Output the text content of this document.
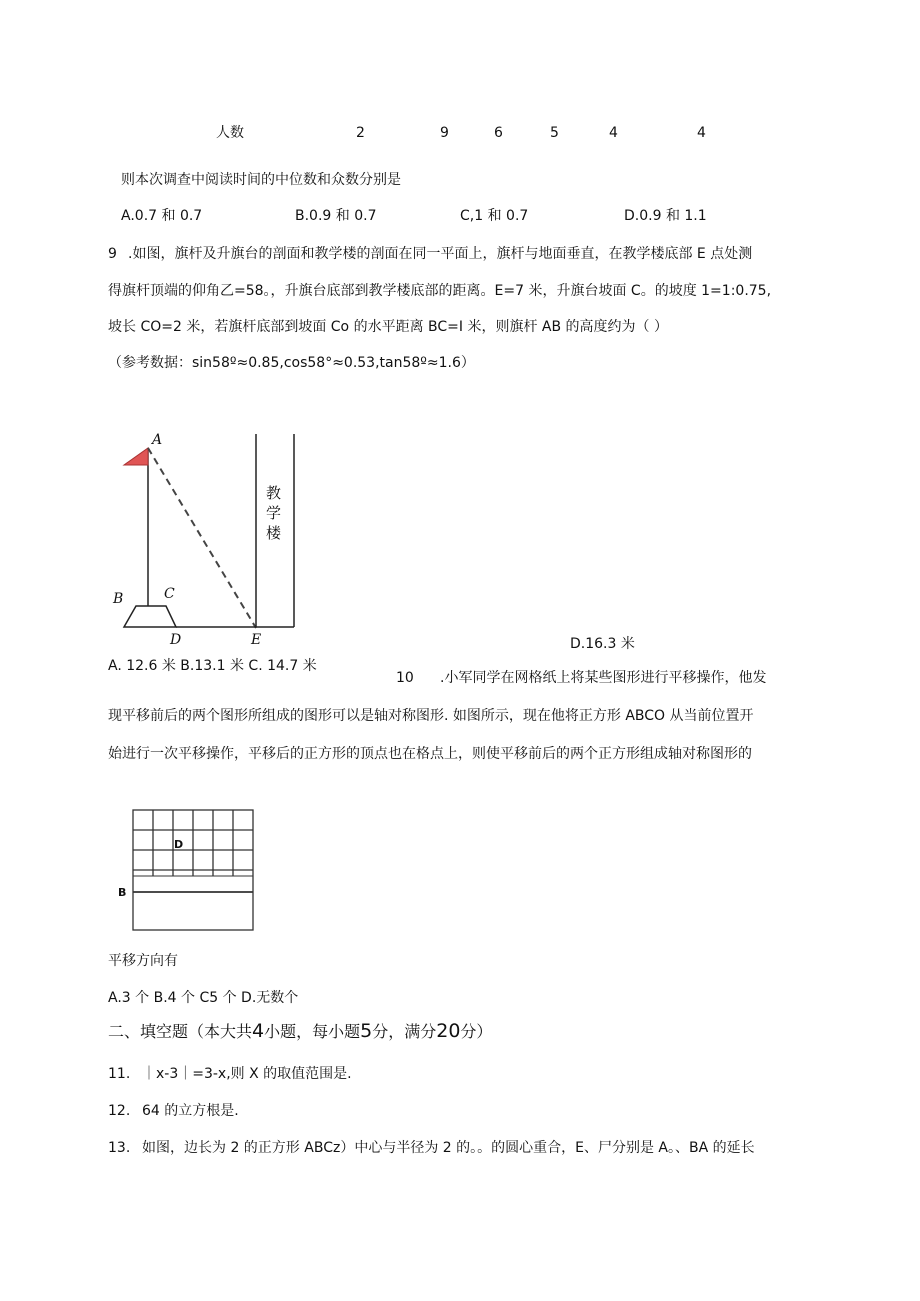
人数	2	9	6	5	4	4
则本次调查中阅读时间的中位数和众数分别是
A.0.7 和 0.7	B.0.9 和 0.7	C,1 和 0.7	D.0.9 和 1.1
9 .如图，旗杆及升旗台的剖面和教学楼的剖面在同一平面上，旗杆与地面垂直，在教学楼底部 E 点处测
得旗杆顶端的仰角乙=58。，升旗台底部到教学楼底部的距离。E=7 米，升旗台坡面 C。的坡度 1=1:0.75,
坡长 CO=2 米，若旗杆底部到坡面 Co 的水平距离 BC=I 米，则旗杆 AB 的高度约为（ ）
（参考数据：sin58º≈0.85,cos58°≈0.53,tan58º≈1.6）
A
B	C
D	E
教
学
楼
D.16.3 米
A. 12.6 米 B.13.1 米 C. 14.7 米
10 .小军同学在网格纸上将某些图形进行平移操作，他发
现平移前后的两个图形所组成的图形可以是轴对称图形. 如图所示，现在他将正方形 ABCO 从当前位置开
始进行一次平移操作，平移后的正方形的顶点也在格点上，则使平移前后的两个正方形组成轴对称图形的
D
B
平移方向有
A.3 个 B.4 个 C5 个 D.无数个
二、填空题（本大共4小题，每小题5分，满分20分）
11. ｜x-3｜=3-x,则 X 的取值范围是.
12. 64 的立方根是.
13. 如图，边长为 2 的正方形 ABCz）中心与半径为 2 的。。的圆心重合，E、尸分别是 A。、BA 的延长
